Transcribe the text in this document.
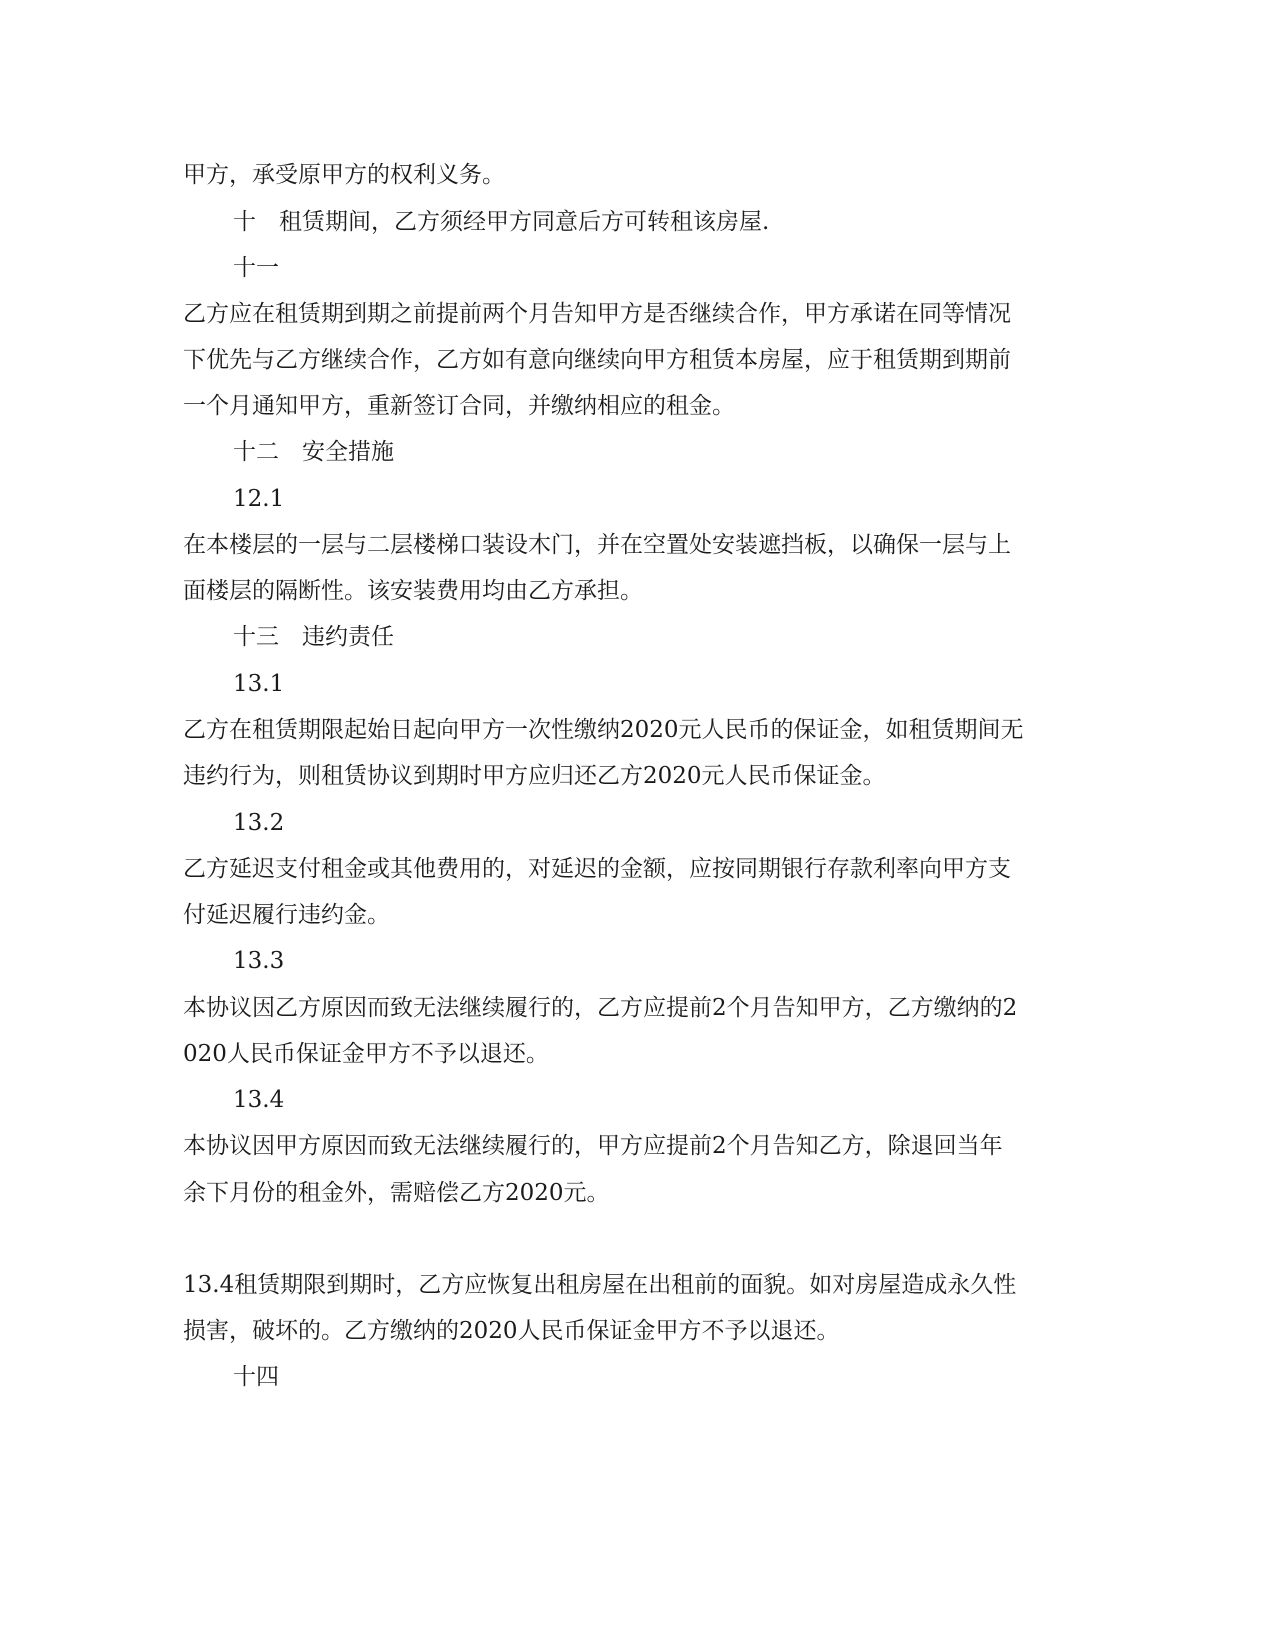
甲方，承受原甲方的权利义务。
十　租赁期间，乙方须经甲方同意后方可转租该房屋.
十一
乙方应在租赁期到期之前提前两个月告知甲方是否继续合作，甲方承诺在同等情况
下优先与乙方继续合作，乙方如有意向继续向甲方租赁本房屋，应于租赁期到期前
一个月通知甲方，重新签订合同，并缴纳相应的租金。
十二　安全措施
12.1
在本楼层的一层与二层楼梯口装设木门，并在空置处安装遮挡板，以确保一层与上
面楼层的隔断性。该安装费用均由乙方承担。
十三　违约责任
13.1
乙方在租赁期限起始日起向甲方一次性缴纳2020元人民币的保证金，如租赁期间无
违约行为，则租赁协议到期时甲方应归还乙方2020元人民币保证金。
13.2
乙方延迟支付租金或其他费用的，对延迟的金额，应按同期银行存款利率向甲方支
付延迟履行违约金。
13.3
本协议因乙方原因而致无法继续履行的，乙方应提前2个月告知甲方，乙方缴纳的2
020人民币保证金甲方不予以退还。
13.4
本协议因甲方原因而致无法继续履行的，甲方应提前2个月告知乙方，除退回当年
余下月份的租金外，需赔偿乙方2020元。
13.4租赁期限到期时，乙方应恢复出租房屋在出租前的面貌。如对房屋造成永久性
损害，破坏的。乙方缴纳的2020人民币保证金甲方不予以退还。
十四
